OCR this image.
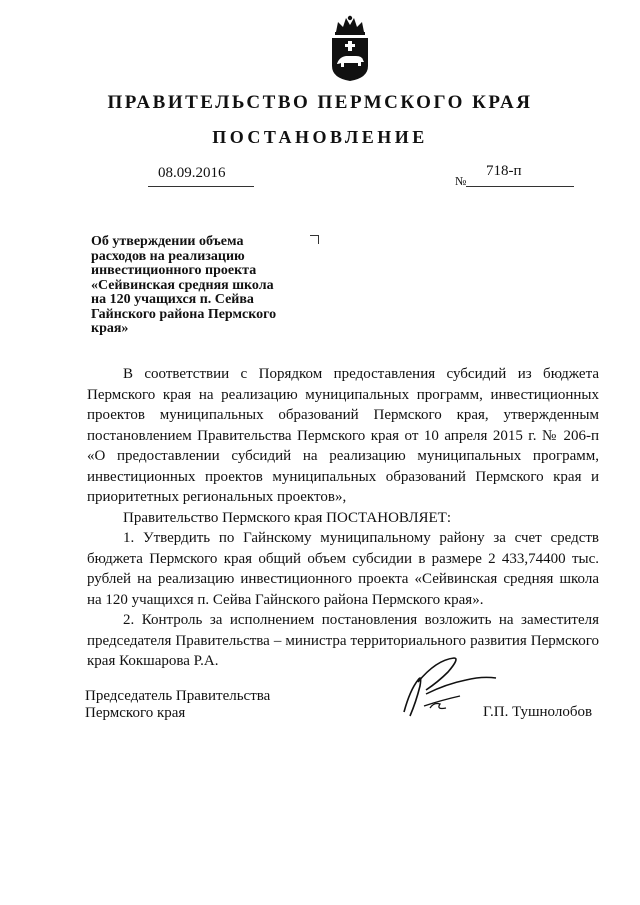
ПРАВИТЕЛЬСТВО ПЕРМСКОГО КРАЯ
ПОСТАНОВЛЕНИЕ
08.09.2016	№
718-п
Об утверждении объема
расходов на реализацию
инвестиционного проекта
«Сейвинская средняя школа
на 120 учащихся п. Сейва
Гайнского района Пермского
края»

В соответствии с Порядком предоставления субсидий из бюджета Пермского края на реализацию муниципальных программ, инвестиционных проектов муниципальных образований Пермского края, утвержденным постановлением Правительства Пермского края от 10 апреля 2015 г. № 206-п «О предоставлении субсидий на реализацию муниципальных программ, инвестиционных проектов муниципальных образований Пермского края и приоритетных региональных проектов»,

Правительство Пермского края ПОСТАНОВЛЯЕТ:

1. Утвердить по Гайнскому муниципальному району за счет средств бюджета Пермского края общий объем субсидии в размере 2 433,74400 тыс. рублей на реализацию инвестиционного проекта «Сейвинская средняя школа на 120 учащихся п. Сейва Гайнского района Пермского края».

2. Контроль за исполнением постановления возложить на заместителя председателя Правительства – министра территориального развития Пермского края Кокшарова Р.А.

Председатель Правительства
Пермского края	Г.П. Тушнолобов
